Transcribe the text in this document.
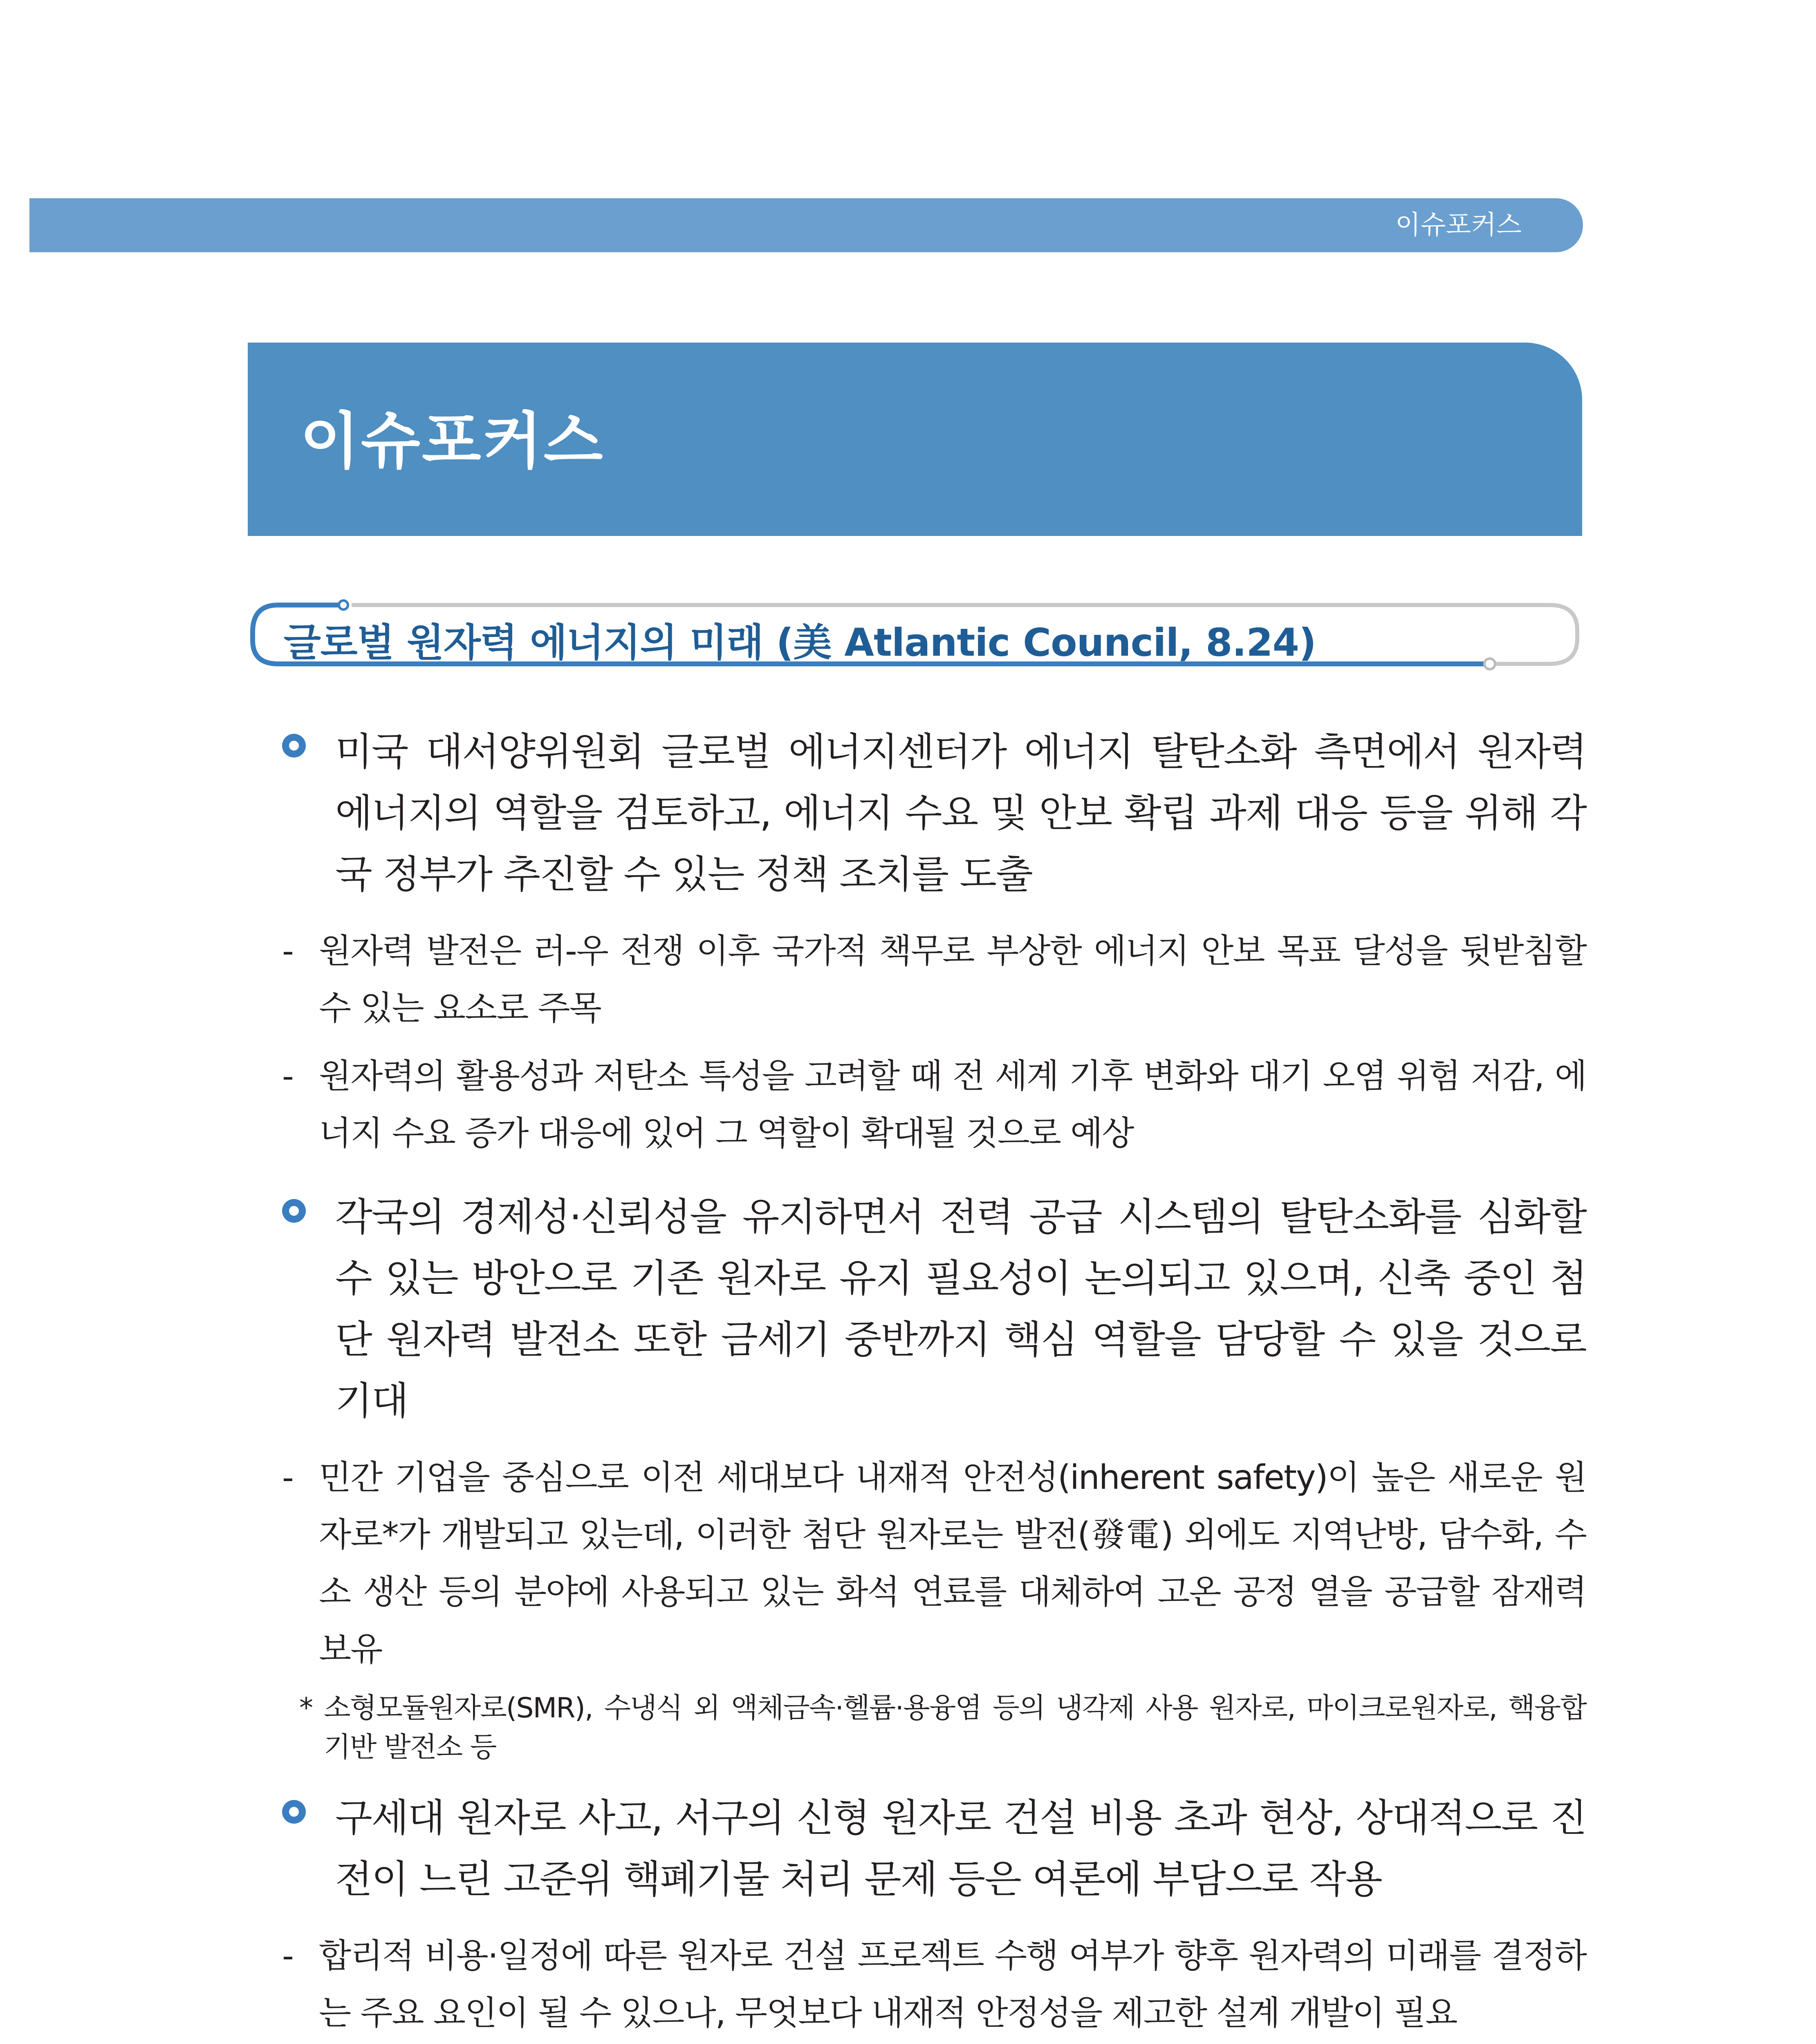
이슈포커스
이슈포커스
글로벌 원자력 에너지의 미래 (美 Atlantic Council, 8.24)
미국 대서양위원회 글로벌 에너지센터가 에너지 탈탄소화 측면에서 원자력 에너지의 역할을 검토하고, 에너지 수요 및 안보 확립 과제 대응 등을 위해 각국 정부가 추진할 수 있는 정책 조치를 도출
- 원자력 발전은 러-우 전쟁 이후 국가적 책무로 부상한 에너지 안보 목표 달성을 뒷받침할 수 있는 요소로 주목
- 원자력의 활용성과 저탄소 특성을 고려할 때 전 세계 기후 변화와 대기 오염 위험 저감, 에너지 수요 증가 대응에 있어 그 역할이 확대될 것으로 예상
각국의 경제성·신뢰성을 유지하면서 전력 공급 시스템의 탈탄소화를 심화할 수 있는 방안으로 기존 원자로 유지 필요성이 논의되고 있으며, 신축 중인 첨단 원자력 발전소 또한 금세기 중반까지 핵심 역할을 담당할 수 있을 것으로 기대
- 민간 기업을 중심으로 이전 세대보다 내재적 안전성(inherent safety)이 높은 새로운 원자로*가 개발되고 있는데, 이러한 첨단 원자로는 발전(發電) 외에도 지역난방, 담수화, 수소 생산 등의 분야에 사용되고 있는 화석 연료를 대체하여 고온 공정 열을 공급할 잠재력 보유
* 소형모듈원자로(SMR), 수냉식 외 액체금속·헬륨·용융염 등의 냉각제 사용 원자로, 마이크로원자로, 핵융합 기반 발전소 등
구세대 원자로 사고, 서구의 신형 원자로 건설 비용 초과 현상, 상대적으로 진전이 느린 고준위 핵폐기물 처리 문제 등은 여론에 부담으로 작용
- 합리적 비용·일정에 따른 원자로 건설 프로젝트 수행 여부가 향후 원자력의 미래를 결정하는 주요 요인이 될 수 있으나, 무엇보다 내재적 안정성을 제고한 설계 개발이 필요
